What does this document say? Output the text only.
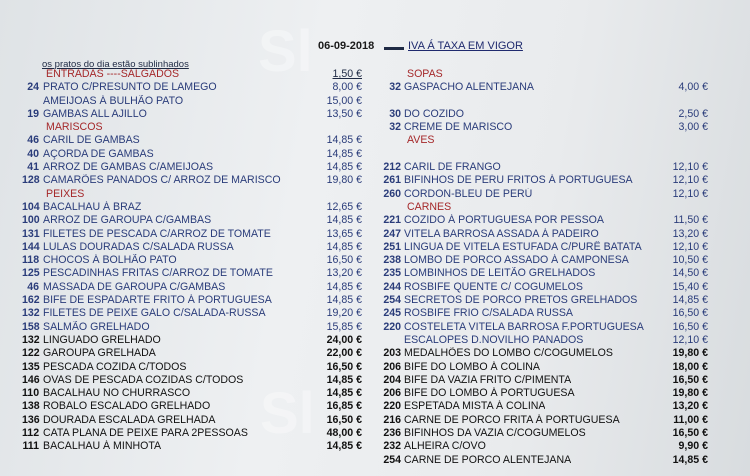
Sl
Sl
06-09-2018	IVA Á TAXA EM VIGOR
os pratos do dia estão sublinhados
ENTRADAS ----SALGADOS	1,50 €
24 PRATO C/PRESUNTO DE LAMEGO	8,00 €
AMEIJOAS Á BULHÃO PATO	15,00 €
19 GAMBAS ALL AJILLO	13,50 €
MARISCOS
46 CARIL DE GAMBAS	14,85 €
40 AÇORDA DE GAMBAS	14,85 €
41 ARROZ DE GAMBAS C/AMEIJOAS	14,85 €
128 CAMARÕES PANADOS C/ ARROZ DE MARISCO	19,80 €
PEIXES
104 BACALHAU Á BRAZ	12,65 €
100 ARROZ DE GAROUPA C/GAMBAS	14,85 €
131 FILETES DE PESCADA C/ARROZ DE TOMATE	13,65 €
144 LULAS DOURADAS C/SALADA RUSSA	14,85 €
118 CHOCOS Á BOLHÃO PATO	16,50 €
125 PESCADINHAS FRITAS C/ARROZ DE TOMATE	13,20 €
46 MASSADA DE GAROUPA C/GAMBAS	14,85 €
162 BIFE DE ESPADARTE FRITO Á PORTUGUESA	14,85 €
132 FILETES DE PEIXE GALO C/SALADA-RUSSA	19,20 €
158 SALMÃO GRELHADO	15,85 €
132 LINGUADO GRELHADO	24,00 €
122 GAROUPA GRELHADA	22,00 €
135 PESCADA COZIDA C/TODOS	16,50 €
146 OVAS DE PESCADA COZIDAS C/TODOS	14,85 €
110 BACALHAU NO CHURRASCO	14,85 €
138 ROBALO ESCALADO GRELHADO	16,85 €
136 DOURADA ESCALADA GRELHADA	16,50 €
112 CATA PLANA DE PEIXE PARA 2PESSOAS	48,00 €
111 BACALHAU Á MINHOTA	14,85 €
SOPAS
32 GASPACHO ALENTEJANA	4,00 €
30 DO COZIDO	2,50 €
32 CREME DE MARISCO	3,00 €
AVES
212 CARIL DE FRANGO	12,10 €
261 BIFINHOS DE PERU FRITOS Á PORTUGUESA	12,10 €
260 CORDON-BLEU DE PERÚ	12,10 €
CARNES
221 COZIDO Á PORTUGUESA POR PESSOA	11,50 €
247 VITELA BARROSA ASSADA Á PADEIRO	13,20 €
251 LINGUA DE VITELA ESTUFADA C/PURÊ BATATA	12,10 €
238 LOMBO DE PORCO ASSADO Á CAMPONESA	10,50 €
235 LOMBINHOS DE LEITÃO GRELHADOS	14,50 €
244 ROSBIFE QUENTE C/ COGUMELOS	15,40 €
254 SECRETOS DE PORCO PRETOS GRELHADOS	14,85 €
245 ROSBIFE FRIO C/SALADA RUSSA	16,50 €
220 COSTELETA VITELA BARROSA F.PORTUGUESA	16,50 €
ESCALOPES D.NOVILHO PANADOS	12,10 €
203 MEDALHÕES DO LOMBO C/COGUMELOS	19,80 €
206 BIFE DO LOMBO Á COLINA	18,00 €
204 BIFE DA VAZIA FRITO C/PIMENTA	16,50 €
206 BIFE DO LOMBO Á PORTUGUESA	19,80 €
220 ESPETADA MISTA Á COLINA	13,20 €
216 CARNE DE PORCO FRITA Á PORTUGUESA	11,00 €
236 BIFINHOS DA VAZIA C/COGUMELOS	16,50 €
232 ALHEIRA C/OVO	9,90 €
254 CARNE DE PORCO ALENTEJANA	14,85 €
